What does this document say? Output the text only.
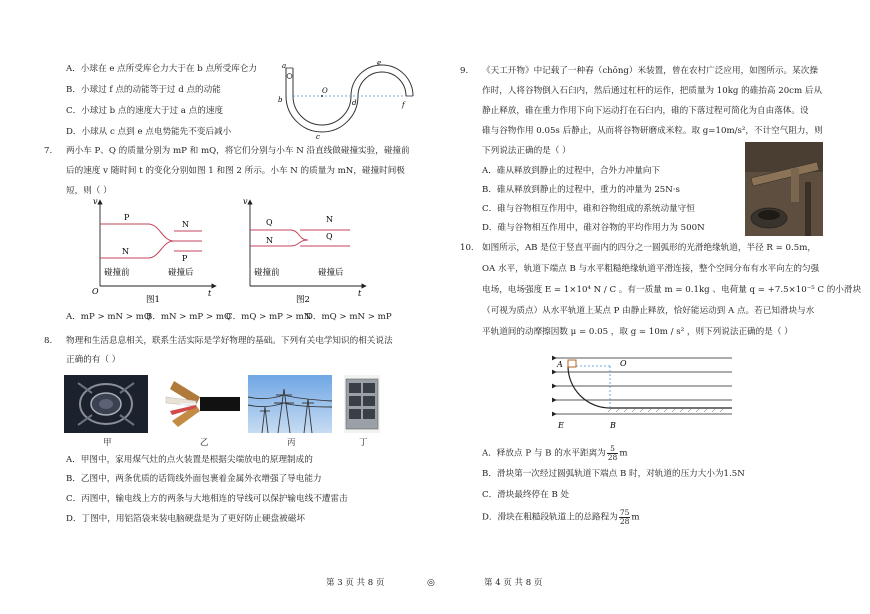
A．小球在 e 点所受库仑力大于在 b 点所受库仑力
B．小球过 f 点的动能等于过 d 点的动能
C．小球过 b 点的速度大于过 a 点的速度
D．小球从 c 点到 e 点电势能先不变后减小
a
b
c
d
e
f
O
7. 两小车 P、Q 的质量分别为 mP 和 mQ，将它们分别与小车 N 沿直线做碰撞实验，碰撞前
后的速度 v 随时间 t 的变化分别如图 1 和图 2 所示。小车 N 的质量为 mN，碰撞时间极
短，则（ ）
v
t
O
P
N
N
P
碰撞前	碰撞后
图1
v
t
Q
N
N
Q
碰撞前	碰撞后
图2
A．mP > mN > mQ
B．mN > mP > mQ
C．mQ > mP > mN
D．mQ > mN > mP
8. 物理和生活息息相关，联系生活实际是学好物理的基础。下列有关电学知识的相关说法
正确的有（ ）
甲	乙	丙	丁
A．甲图中，家用煤气灶的点火装置是根据尖端放电的原理制成的
B．乙图中，两条优质的话筒线外面包裹着金属外衣增强了导电能力
C．丙图中，输电线上方的两条与大地相连的导线可以保护输电线不遭雷击
D．丁图中，用铝箔袋来装电脑硬盘是为了更好防止硬盘被磁坏
第 3 页 共 8 页	◎
9. 《天工开物》中记载了一种舂（chōng）米装置，曾在农村广泛应用，如图所示。某次操
作时，人将谷物倒入石臼内，然后通过杠杆的运作，把质量为 10kg 的碓抬高 20cm 后从
静止释放，碓在重力作用下向下运动打在石臼内，碓的下落过程可简化为自由落体。设
碓与谷物作用 0.05s 后静止，从而将谷物研磨成米粒。取 g=10m/s²，不计空气阻力，则
下列说法正确的是（ ）
A．碓从释放到静止的过程中，合外力冲量向下
B．碓从释放到静止的过程中，重力的冲量为 25N·s
C．碓与谷物相互作用中，碓和谷物组成的系统动量守恒
D．碓与谷物相互作用中，碓对谷物的平均作用力为 500N
10. 如图所示，AB 是位于竖直平面内的四分之一圆弧形的光滑绝缘轨道，半径 R = 0.5m，
OA 水平，轨道下端点 B 与水平粗糙绝缘轨道平滑连接，整个空间分布有水平向左的匀强
电场，电场强度 E = 1×10⁴ N / C 。有一质量 m = 0.1kg 、电荷量 q = +7.5×10⁻⁵ C 的小滑块
（可视为质点）从水平轨道上某点 P 由静止释放，恰好能运动到 A 点。若已知滑块与水
平轨道间的动摩擦因数 μ = 0.05 ，取 g = 10m / s² ，则下列说法正确的是（ ）
A	O
E	B
A．释放点 P 与 B 的水平距离为 $\frac{5}{28}$ m
B．滑块第一次经过圆弧轨道下端点 B 时，对轨道的压力大小为1.5N
C．滑块最终停在 B 处
D．滑块在粗糙段轨道上的总路程为 $\frac{75}{28}$ m
第 4 页 共 8 页
